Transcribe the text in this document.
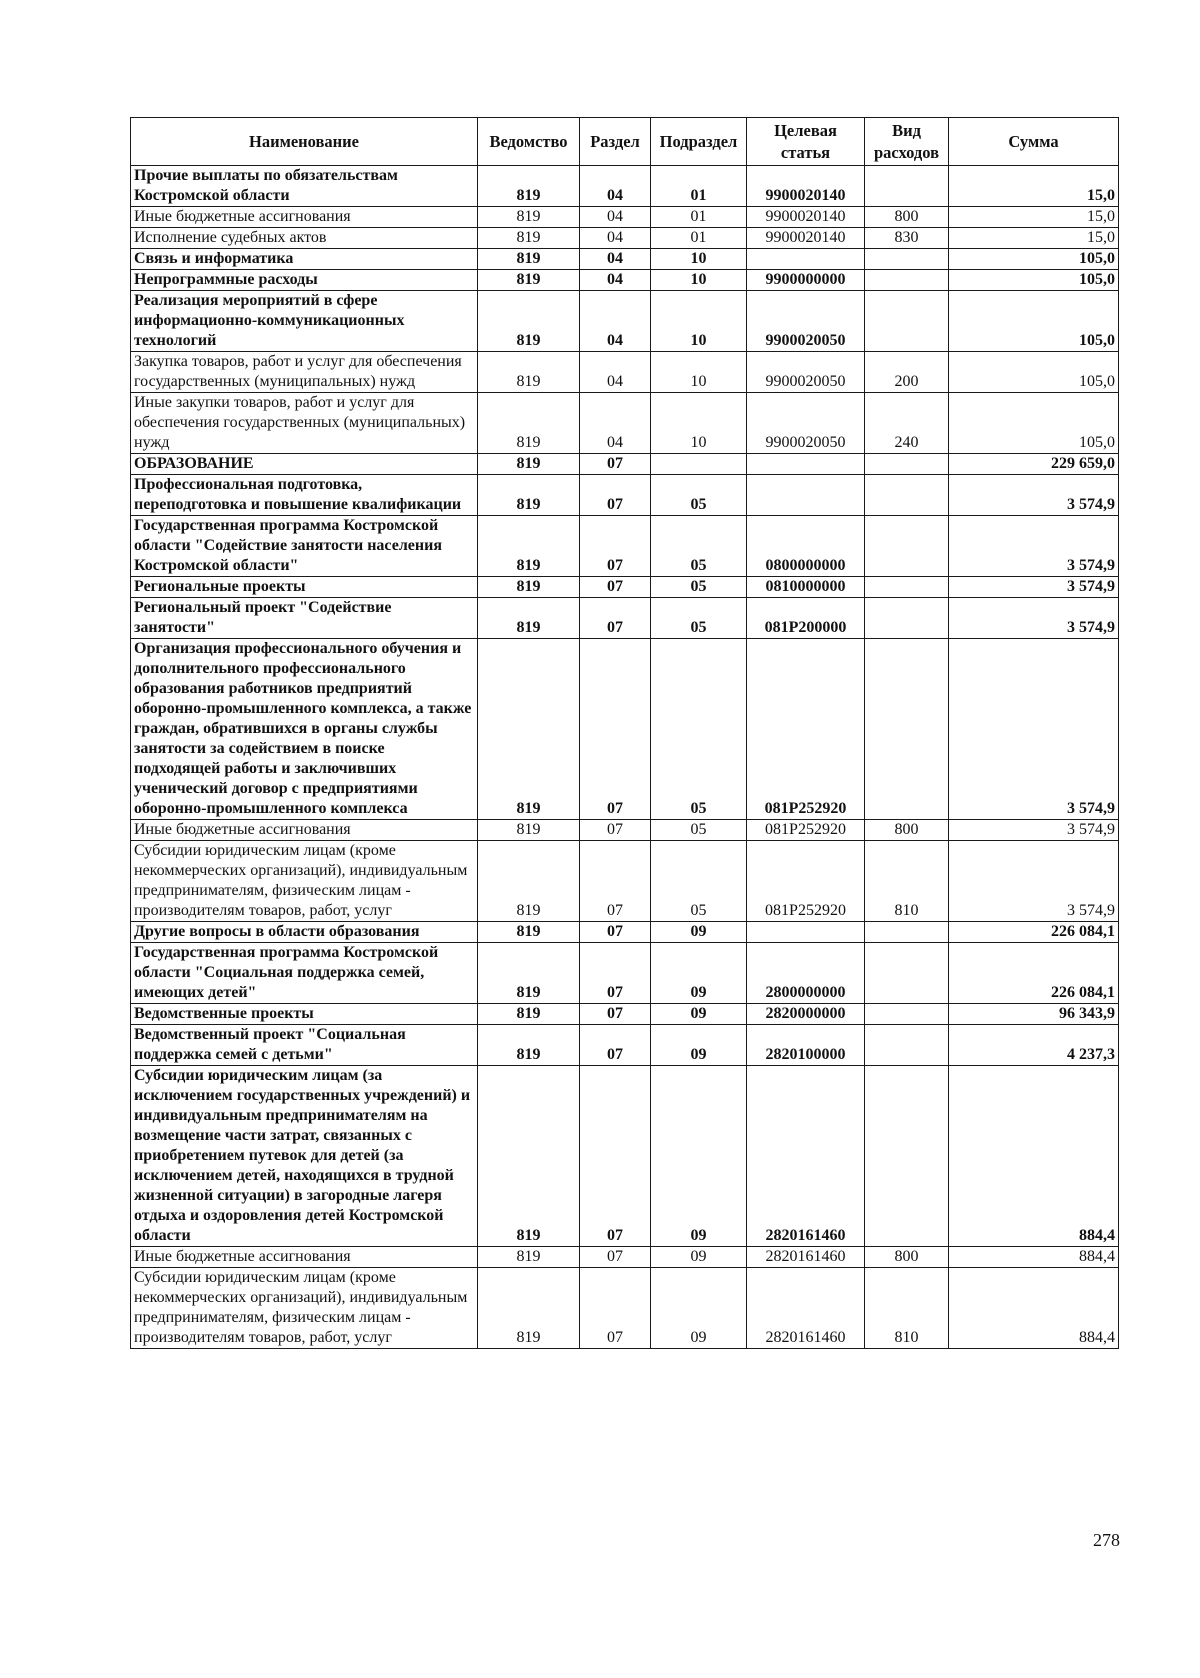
Наименование	Ведомство	Раздел	Подраздел	Целевая статья	Вид расходов	Сумма
Прочие выплаты по обязательствам Костромской области	819	04	01	9900020140		15,0
Иные бюджетные ассигнования	819	04	01	9900020140	800	15,0
Исполнение судебных актов	819	04	01	9900020140	830	15,0
Связь и информатика	819	04	10			105,0
Непрограммные расходы	819	04	10	9900000000		105,0
Реализация мероприятий в сфере информационно-коммуникационных технологий	819	04	10	9900020050		105,0
Закупка товаров, работ и услуг для обеспечения государственных (муниципальных) нужд	819	04	10	9900020050	200	105,0
Иные закупки товаров, работ и услуг для обеспечения государственных (муниципальных) нужд	819	04	10	9900020050	240	105,0
ОБРАЗОВАНИЕ	819	07				229 659,0
Профессиональная подготовка, переподготовка и повышение квалификации	819	07	05			3 574,9
Государственная программа Костромской области "Содействие занятости населения Костромской области"	819	07	05	0800000000		3 574,9
Региональные проекты	819	07	05	0810000000		3 574,9
Региональный проект "Содействие занятости"	819	07	05	081Р200000		3 574,9
Организация профессионального обучения и дополнительного профессионального образования работников предприятий оборонно-промышленного комплекса, а также граждан, обратившихся в органы службы занятости за содействием в поиске подходящей работы и заключивших ученический договор с предприятиями оборонно-промышленного комплекса	819	07	05	081Р252920		3 574,9
Иные бюджетные ассигнования	819	07	05	081Р252920	800	3 574,9
Субсидии юридическим лицам (кроме некоммерческих организаций), индивидуальным предпринимателям, физическим лицам - производителям товаров, работ, услуг	819	07	05	081Р252920	810	3 574,9
Другие вопросы в области образования	819	07	09			226 084,1
Государственная программа Костромской области "Социальная поддержка семей, имеющих детей"	819	07	09	2800000000		226 084,1
Ведомственные проекты	819	07	09	2820000000		96 343,9
Ведомственный проект "Социальная поддержка семей с детьми"	819	07	09	2820100000		4 237,3
Субсидии юридическим лицам (за исключением государственных учреждений) и индивидуальным предпринимателям на возмещение части затрат, связанных с приобретением путевок для детей (за исключением детей, находящихся в трудной жизненной ситуации) в загородные лагеря отдыха и оздоровления детей Костромской области	819	07	09	2820161460		884,4
Иные бюджетные ассигнования	819	07	09	2820161460	800	884,4
Субсидии юридическим лицам (кроме некоммерческих организаций), индивидуальным предпринимателям, физическим лицам - производителям товаров, работ, услуг	819	07	09	2820161460	810	884,4
278
